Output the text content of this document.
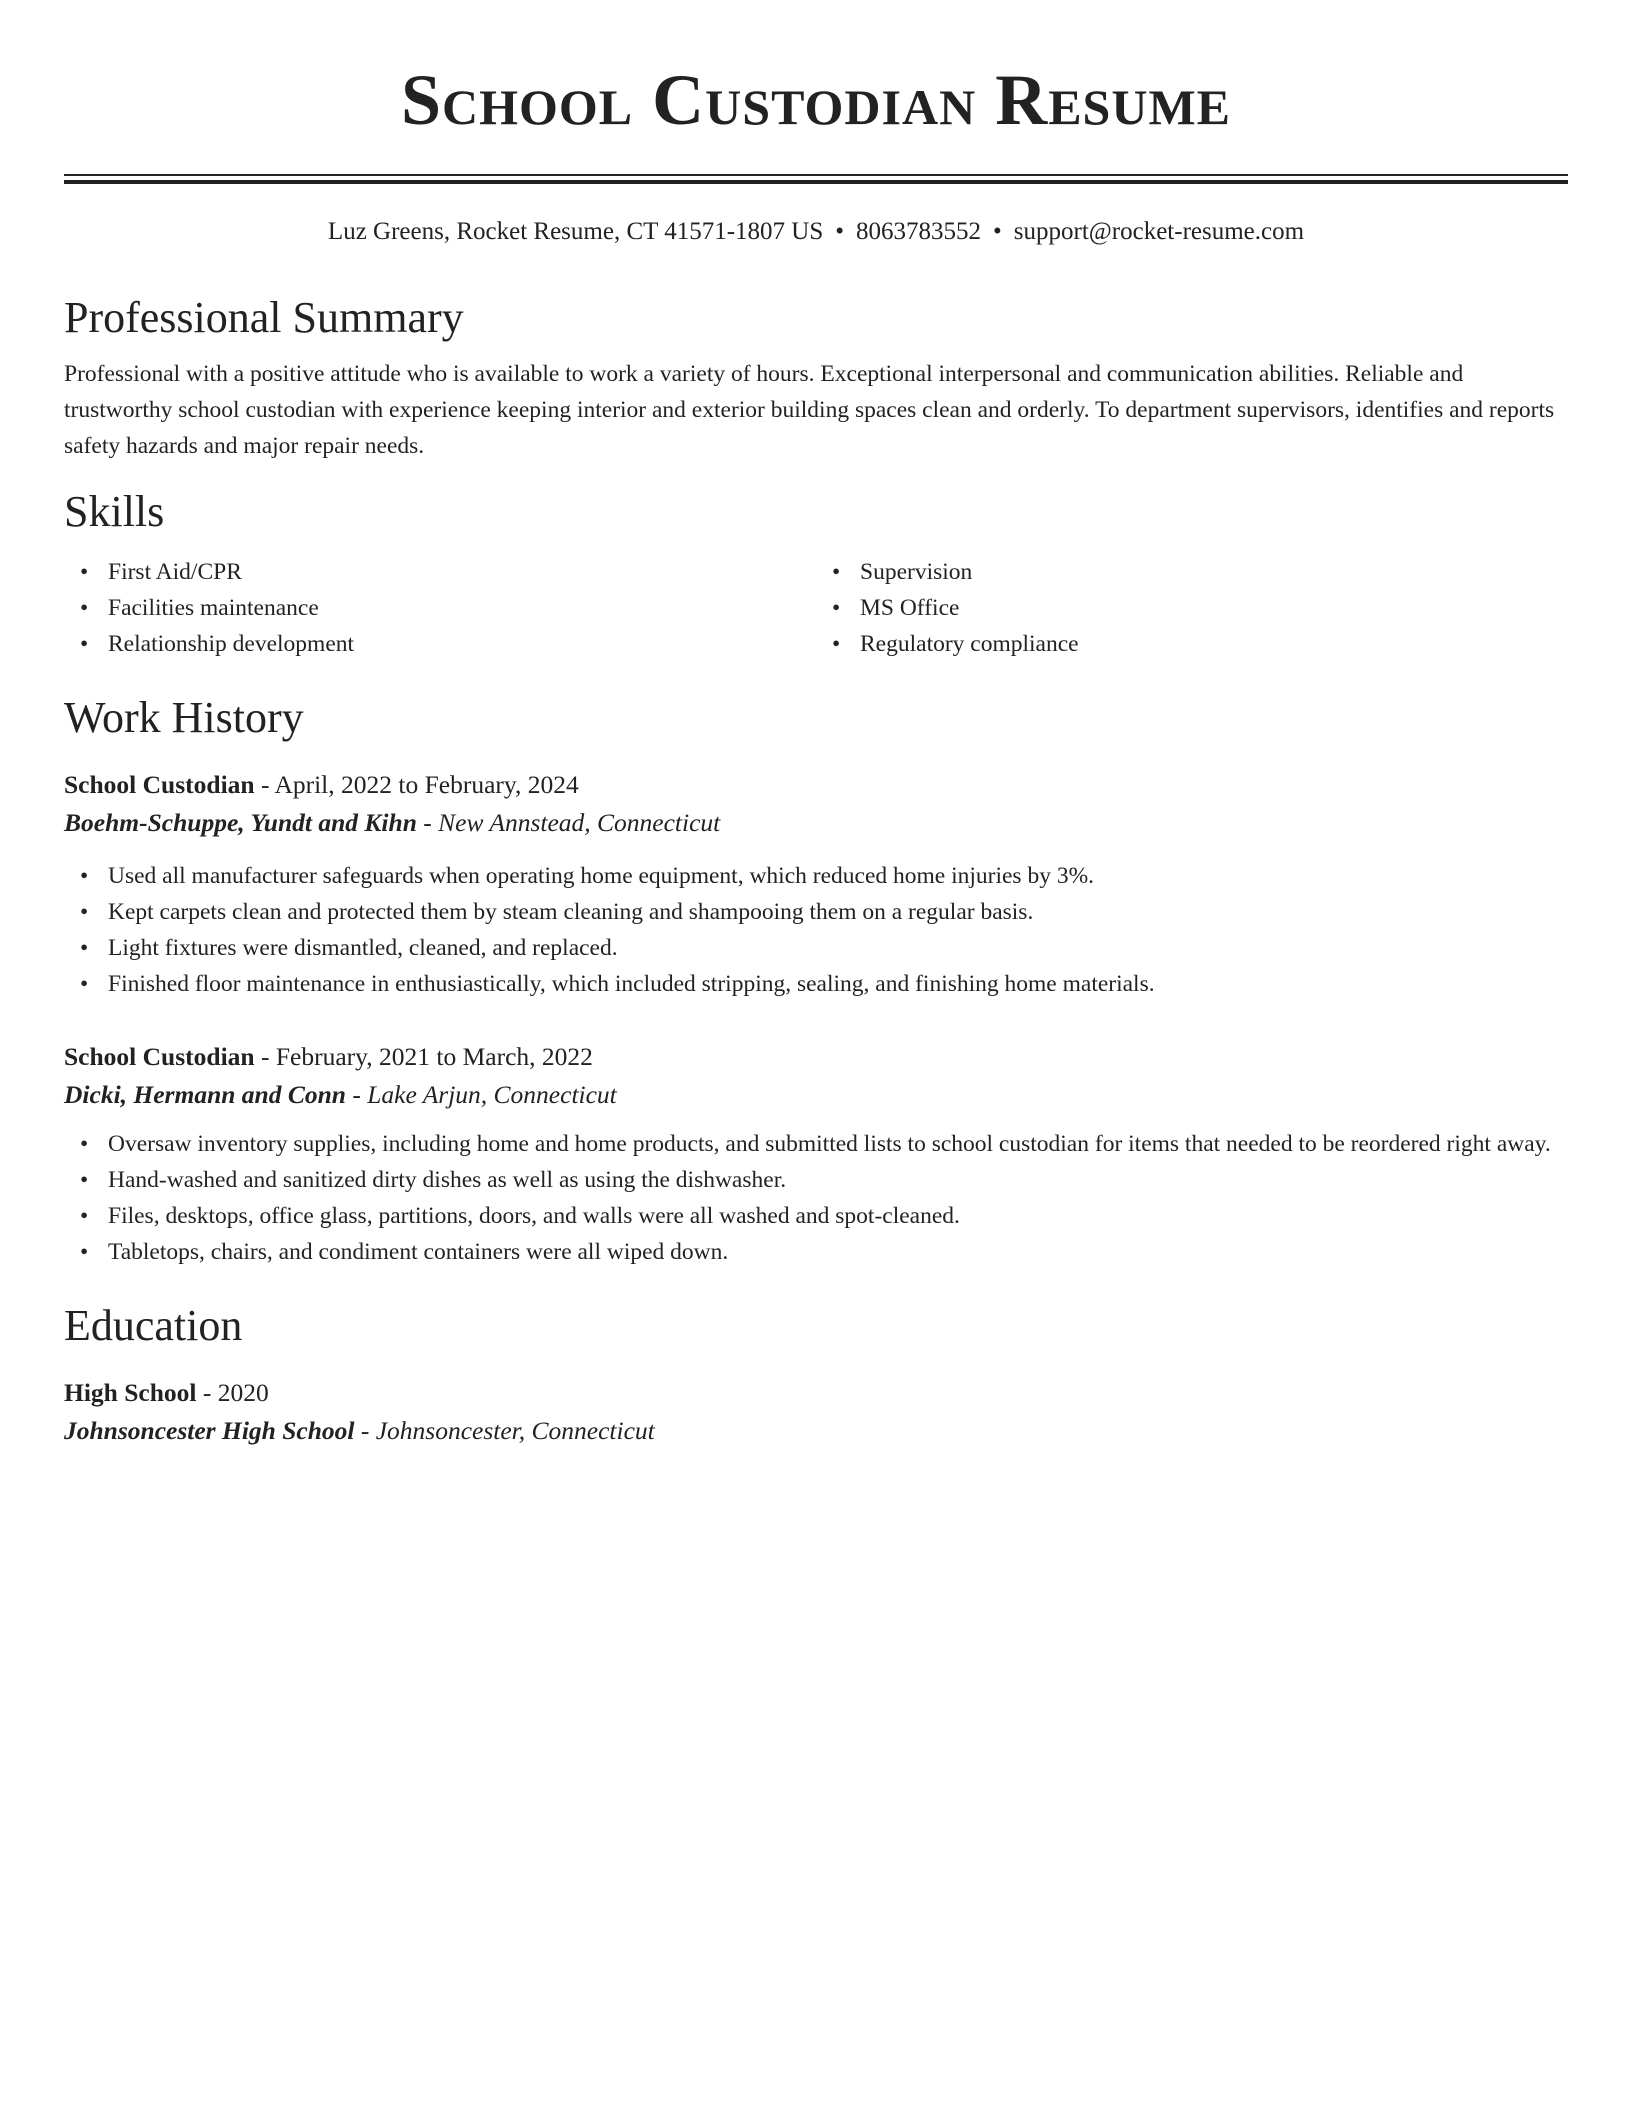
School Custodian Resume
Luz Greens, Rocket Resume, CT 41571-1807 US • 8063783552 • support@rocket-resume.com
Professional Summary

Professional with a positive attitude who is available to work a variety of hours. Exceptional interpersonal and communication abilities. Reliable and trustworthy school custodian with experience keeping interior and exterior building spaces clean and orderly. To department supervisors, identifies and reports safety hazards and major repair needs.

Skills
• First Aid/CPR
• Facilities maintenance
• Relationship development
• Supervision
• MS Office
• Regulatory compliance
Work History
School Custodian - April, 2022 to February, 2024
Boehm-Schuppe, Yundt and Kihn - New Annstead, Connecticut
• Used all manufacturer safeguards when operating home equipment, which reduced home injuries by 3%.
• Kept carpets clean and protected them by steam cleaning and shampooing them on a regular basis.
• Light fixtures were dismantled, cleaned, and replaced.
• Finished floor maintenance in enthusiastically, which included stripping, sealing, and finishing home materials.
School Custodian - February, 2021 to March, 2022
Dicki, Hermann and Conn - Lake Arjun, Connecticut
• Oversaw inventory supplies, including home and home products, and submitted lists to school custodian for items that needed to be reordered right away.
• Hand-washed and sanitized dirty dishes as well as using the dishwasher.
• Files, desktops, office glass, partitions, doors, and walls were all washed and spot-cleaned.
• Tabletops, chairs, and condiment containers were all wiped down.
Education
High School - 2020
Johnsoncester High School - Johnsoncester, Connecticut
